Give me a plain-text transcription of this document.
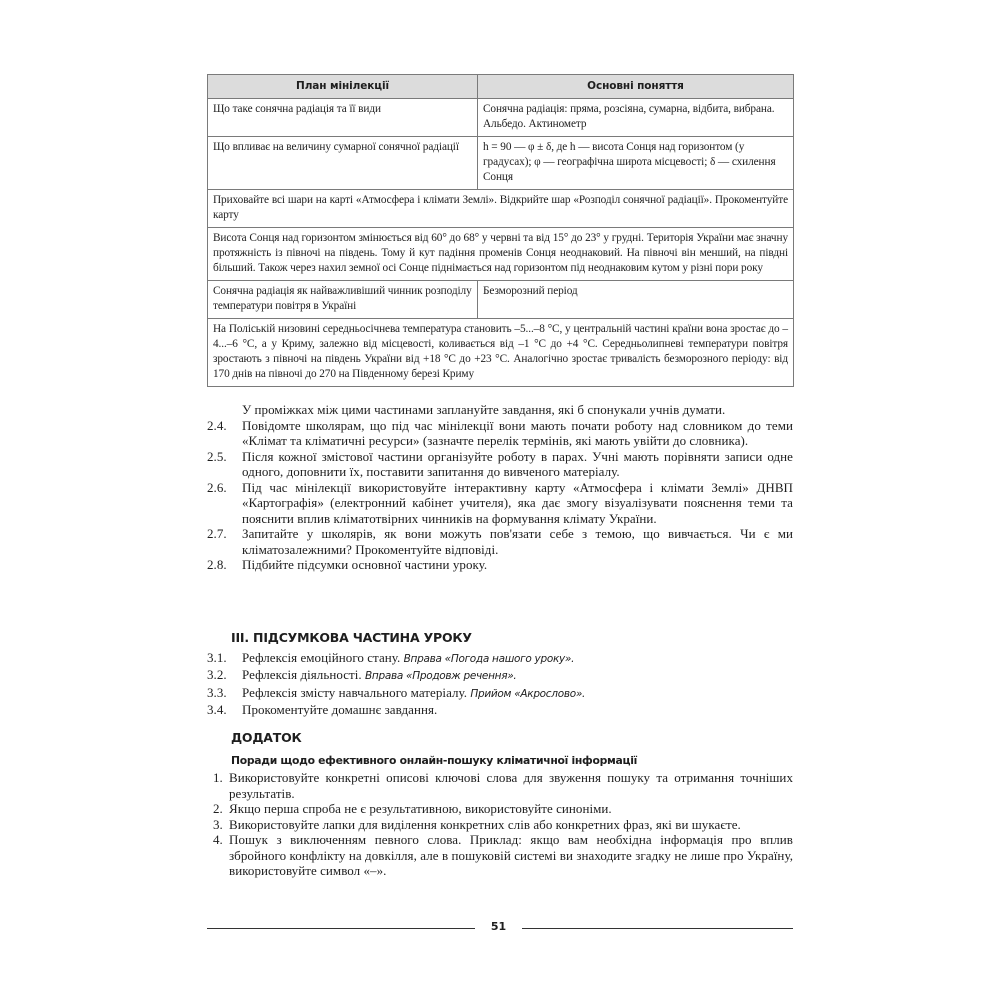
План мінілекції	Основні поняття
Що таке сонячна радіація та її види	Сонячна радіація: пряма, розсіяна, сумарна, відбита, вибрана. Альбедо. Актинометр
Що впливає на величину сумарної сонячної радіації	h = 90 — φ ± δ, де h — висота Сонця над горизонтом (у градусах); φ — географічна широта місцевості; δ — схилення Сонця
Приховайте всі шари на карті «Атмосфера і клімати Землі». Відкрийте шар «Розподіл сонячної радіації». Прокоментуйте карту	
Висота Сонця над горизонтом змінюється від 60° до 68° у червні та від 15° до 23° у грудні. Територія України має значну протяжність із півночі на південь. Тому й кут падіння променів Сонця неоднаковий. На півночі він менший, на півдні більший. Також через нахил земної осі Сонце піднімається над горизонтом під неоднаковим кутом у різні пори року	
Сонячна радіація як найважливіший чинник розподілу температури повітря в Україні	Безморозний період
На Поліській низовині середньосічнева температура становить –5...–8 °С, у центральній частині країни вона зростає до –4...–6 °С, а у Криму, залежно від місцевості, коливається від –1 °С до +4 °С. Середньолипневі температури повітря зростають з півночі на південь України від +18 °С до +23 °С. Аналогічно зростає тривалість безморозного періоду: від 170 днів на півночі до 270 на Південному березі Криму	
У проміжках між цими частинами заплануйте завдання, які б спонукали учнів думати.
2.4. Повідомте школярам, що під час мінілекції вони мають почати роботу над словником до теми «Клімат та кліматичні ресурси» (зазначте перелік термінів, які мають увійти до словника).
2.5. Після кожної змістової частини організуйте роботу в парах. Учні мають порівняти записи одне одного, доповнити їх, поставити запитання до вивченого матеріалу.
2.6. Під час мінілекції використовуйте інтерактивну карту «Атмосфера і клімати Землі» ДНВП «Картографія» (електронний кабінет учителя), яка дає змогу візуалізувати пояснення теми та пояснити вплив кліматотвірних чинників на формування клімату України.
2.7. Запитайте у школярів, як вони можуть пов'язати себе з темою, що вивчається. Чи є ми кліматозалежними? Прокоментуйте відповіді.
2.8. Підбийте підсумки основної частини уроку.
ІІІ. ПІДСУМКОВА ЧАСТИНА УРОКУ
3.1. Рефлексія емоційного стану. Вправа «Погода нашого уроку».
3.2. Рефлексія діяльності. Вправа «Продовж речення».
3.3. Рефлексія змісту навчального матеріалу. Прийом «Акрослово».
3.4. Прокоментуйте домашнє завдання.
ДОДАТОК
Поради щодо ефективного онлайн-пошуку кліматичної інформації
1. Використовуйте конкретні описові ключові слова для звуження пошуку та отримання точніших результатів.
2. Якщо перша спроба не є результативною, використовуйте синоніми.
3. Використовуйте лапки для виділення конкретних слів або конкретних фраз, які ви шукаєте.
4. Пошук з виключенням певного слова. Приклад: якщо вам необхідна інформація про вплив збройного конфлікту на довкілля, але в пошуковій системі ви знаходите згадку не лише про Україну, використовуйте символ «–».
51
